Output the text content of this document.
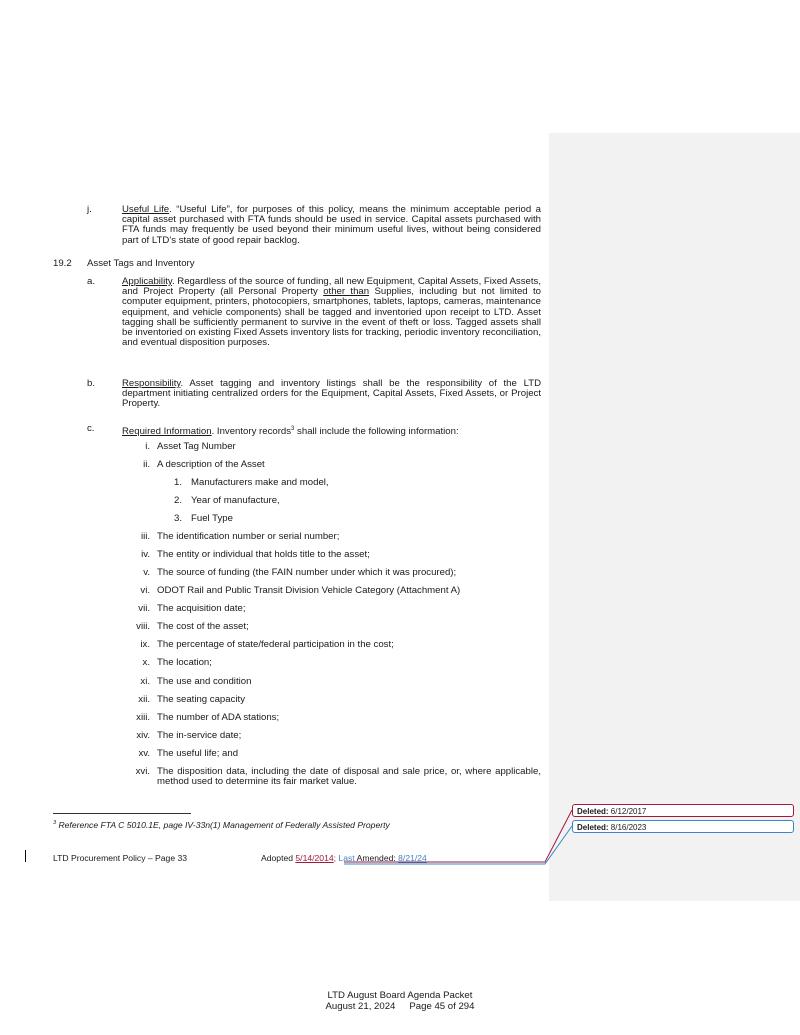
j.	Useful Life. “Useful Life”, for purposes of this policy, means the minimum acceptable period a capital asset purchased with FTA funds should be used in service. Capital assets purchased with FTA funds may frequently be used beyond their minimum useful lives, without being considered part of LTD’s state of good repair backlog.
19.2 Asset Tags and Inventory
a.	Applicability. Regardless of the source of funding, all new Equipment, Capital Assets, Fixed Assets, and Project Property (all Personal Property other than Supplies, including but not limited to computer equipment, printers, photocopiers, smartphones, tablets, laptops, cameras, maintenance equipment, and vehicle components) shall be tagged and inventoried upon receipt to LTD. Asset tagging shall be sufficiently permanent to survive in the event of theft or loss. Tagged assets shall be inventoried on existing Fixed Assets inventory lists for tracking, periodic inventory reconciliation, and eventual disposition purposes.
b.	Responsibility. Asset tagging and inventory listings shall be the responsibility of the LTD department initiating centralized orders for the Equipment, Capital Assets, Fixed Assets, or Project Property.
c.	Required Information. Inventory records$^3$ shall include the following information:
i. Asset Tag Number
ii. A description of the Asset
1. Manufacturers make and model,
2. Year of manufacture,
3. Fuel Type
iii. The identification number or serial number;
iv. The entity or individual that holds title to the asset;
v. The source of funding (the FAIN number under which it was procured);
vi. ODOT Rail and Public Transit Division Vehicle Category (Attachment A)
vii. The acquisition date;
viii. The cost of the asset;
ix. The percentage of state/federal participation in the cost;
x. The location;
xi. The use and condition
xii. The seating capacity
xiii. The number of ADA stations;
xiv. The in-service date;
xv. The useful life; and
xvi. The disposition data, including the date of disposal and sale price, or, where applicable, method used to determine its fair market value.
$^3$ Reference FTA C 5010.1E, page IV-33n(1) Management of Federally Assisted Property
LTD Procurement Policy – Page 33	Adopted 5/14/2014; Last Amended: 8/21/24
Deleted: 6/12/2017
Deleted: 8/16/2023
LTD August Board Agenda Packet
August 21, 2024 Page 45 of 294
